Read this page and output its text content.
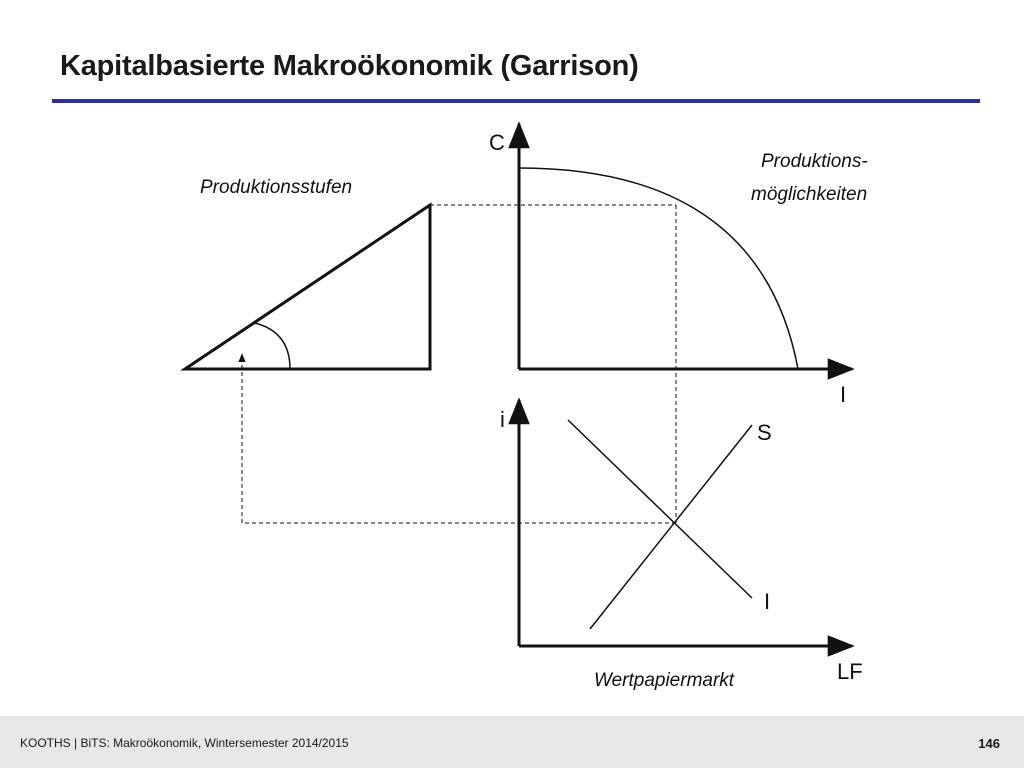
Kapitalbasierte Makroökonomik (Garrison)
Produktionsstufen
Produktions-
möglichkeiten
Wertpapiermarkt
C
I
i
LF
S
I
KOOTHS | BiTS: Makroökonomik, Wintersemester 2014/2015	146
